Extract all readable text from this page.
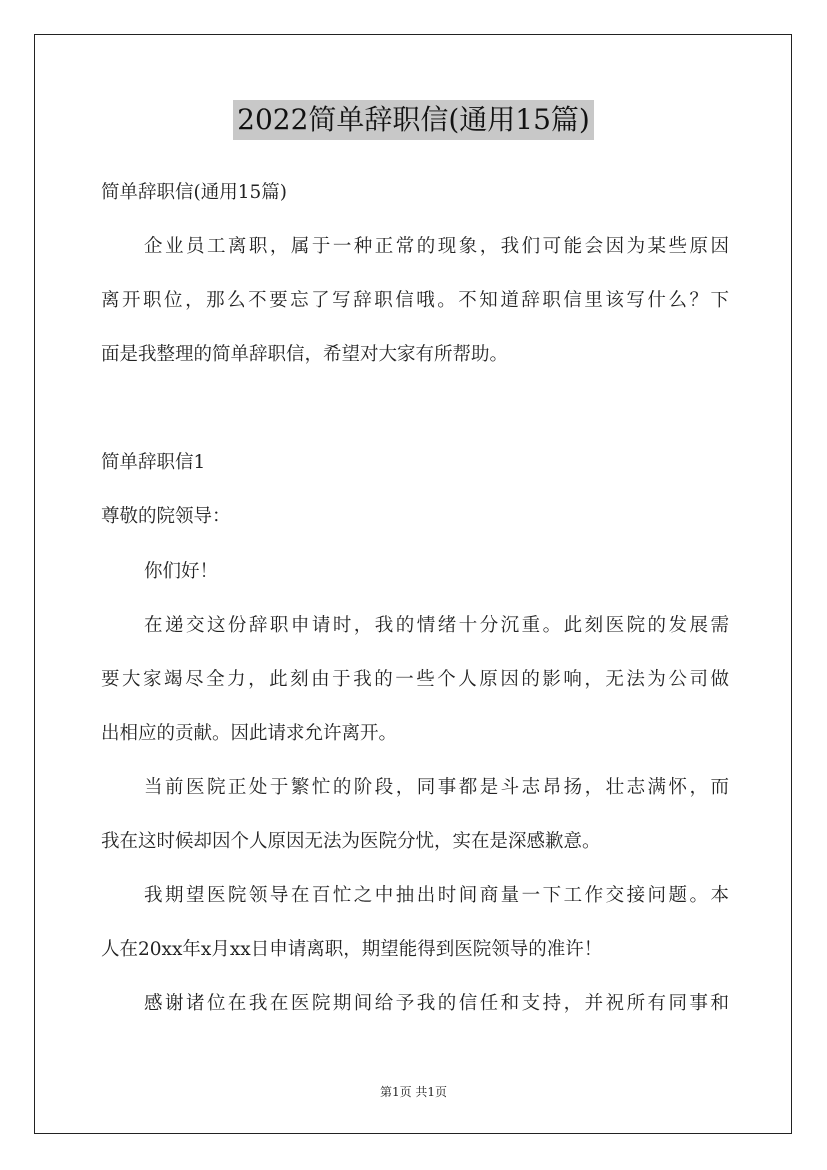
2022简单辞职信(通用15篇)
简单辞职信(通用15篇)
企业员工离职，属于一种正常的现象，我们可能会因为某些原因
离开职位，那么不要忘了写辞职信哦。不知道辞职信里该写什么？下
面是我整理的简单辞职信，希望对大家有所帮助。
简单辞职信1
尊敬的院领导：
你们好！
在递交这份辞职申请时，我的情绪十分沉重。此刻医院的发展需
要大家竭尽全力，此刻由于我的一些个人原因的影响，无法为公司做
出相应的贡献。因此请求允许离开。
当前医院正处于繁忙的阶段，同事都是斗志昂扬，壮志满怀，而
我在这时候却因个人原因无法为医院分忧，实在是深感歉意。
我期望医院领导在百忙之中抽出时间商量一下工作交接问题。本
人在20xx年x月xx日申请离职，期望能得到医院领导的准许！
感谢诸位在我在医院期间给予我的信任和支持，并祝所有同事和
第1页 共1页
